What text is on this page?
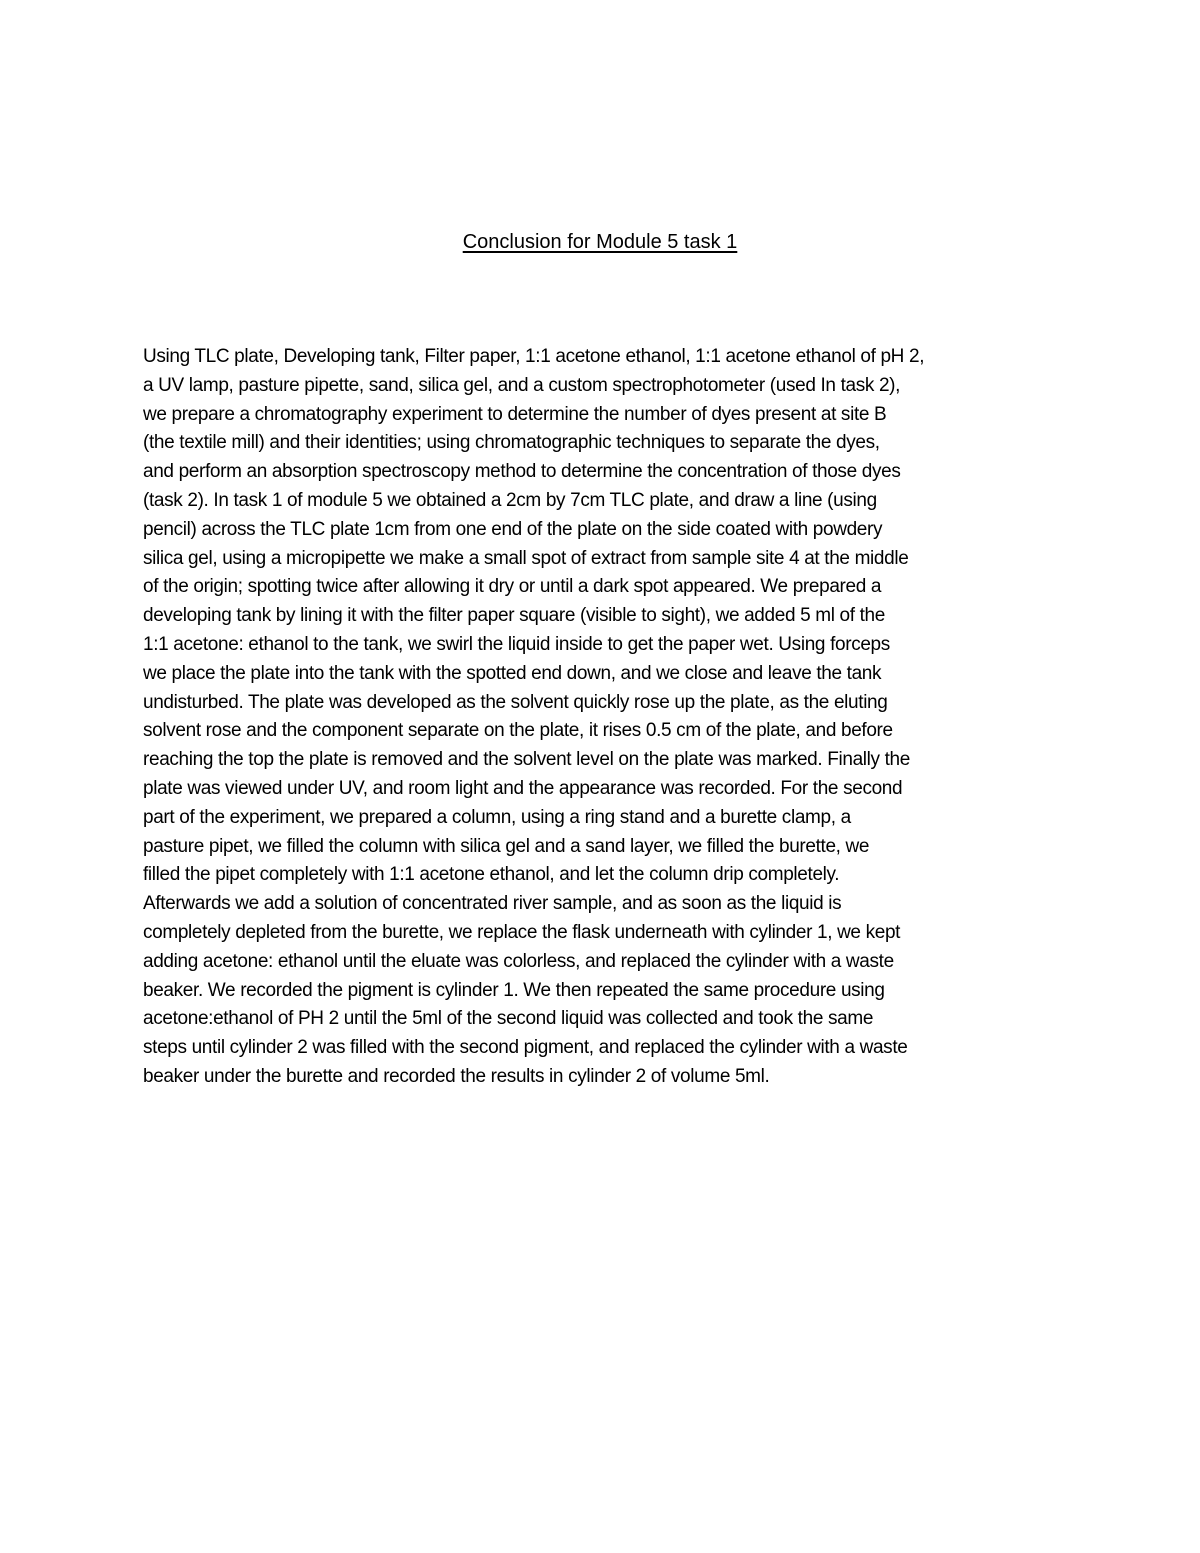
Conclusion for Module 5 task 1
Using TLC plate, Developing tank, Filter paper, 1:1 acetone ethanol, 1:1 acetone ethanol of pH 2,
a UV lamp, pasture pipette, sand, silica gel, and a custom spectrophotometer (used In task 2),
we prepare a chromatography experiment to determine the number of dyes present at site B
(the textile mill) and their identities; using chromatographic techniques to separate the dyes,
and perform an absorption spectroscopy method to determine the concentration of those dyes
(task 2). In task 1 of module 5 we obtained a 2cm by 7cm TLC plate, and draw a line (using
pencil) across the TLC plate 1cm from one end of the plate on the side coated with powdery
silica gel, using a micropipette we make a small spot of extract from sample site 4 at the middle
of the origin; spotting twice after allowing it dry or until a dark spot appeared. We prepared a
developing tank by lining it with the filter paper square (visible to sight), we added 5 ml of the
1:1 acetone: ethanol to the tank, we swirl the liquid inside to get the paper wet. Using forceps
we place the plate into the tank with the spotted end down, and we close and leave the tank
undisturbed. The plate was developed as the solvent quickly rose up the plate, as the eluting
solvent rose and the component separate on the plate, it rises 0.5 cm of the plate, and before
reaching the top the plate is removed and the solvent level on the plate was marked. Finally the
plate was viewed under UV, and room light and the appearance was recorded. For the second
part of the experiment, we prepared a column, using a ring stand and a burette clamp, a
pasture pipet, we filled the column with silica gel and a sand layer, we filled the burette, we
filled the pipet completely with 1:1 acetone ethanol, and let the column drip completely.
Afterwards we add a solution of concentrated river sample, and as soon as the liquid is
completely depleted from the burette, we replace the flask underneath with cylinder 1, we kept
adding acetone: ethanol until the eluate was colorless, and replaced the cylinder with a waste
beaker. We recorded the pigment is cylinder 1. We then repeated the same procedure using
acetone:ethanol of PH 2 until the 5ml of the second liquid was collected and took the same
steps until cylinder 2 was filled with the second pigment, and replaced the cylinder with a waste
beaker under the burette and recorded the results in cylinder 2 of volume 5ml.
